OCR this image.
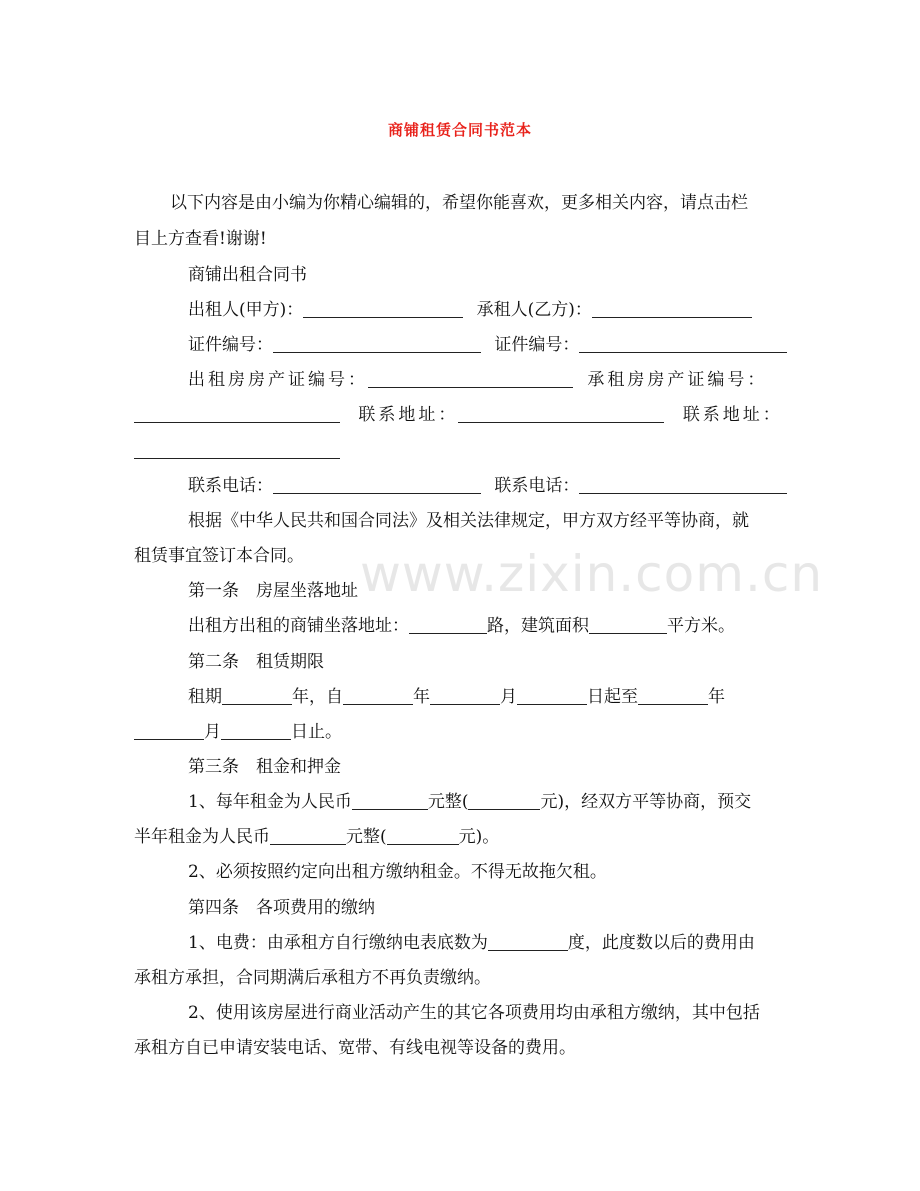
商铺租赁合同书范本
www.zixin.com.cn
以下内容是由小编为你精心编辑的，希望你能喜欢，更多相关内容，请点击栏
目上方查看!谢谢!
商铺出租合同书
出租人(甲方)：	承租人(乙方)：
证件编号：	证件编号：
出租房房产证编号：	承租房房产证编号：
联系地址：	联系地址：
联系电话：	联系电话：
根据《中华人民共和国合同法》及相关法律规定，甲方双方经平等协商，就
租赁事宜签订本合同。
第一条　房屋坐落地址
出租方出租的商铺坐落地址：	路，建筑面积	平方米。
第二条　租赁期限
租期	年，自	年	月	日起至	年
月	日止。
第三条　租金和押金
1、每年租金为人民币	元整(	元)，经双方平等协商，预交
半年租金为人民币	元整(	元)。
2、必须按照约定向出租方缴纳租金。不得无故拖欠租。
第四条　各项费用的缴纳
1、电费：由承租方自行缴纳电表底数为	度，此度数以后的费用由
承租方承担，合同期满后承租方不再负责缴纳。
2、使用该房屋进行商业活动产生的其它各项费用均由承租方缴纳，其中包括
承租方自已申请安装电话、宽带、有线电视等设备的费用。
